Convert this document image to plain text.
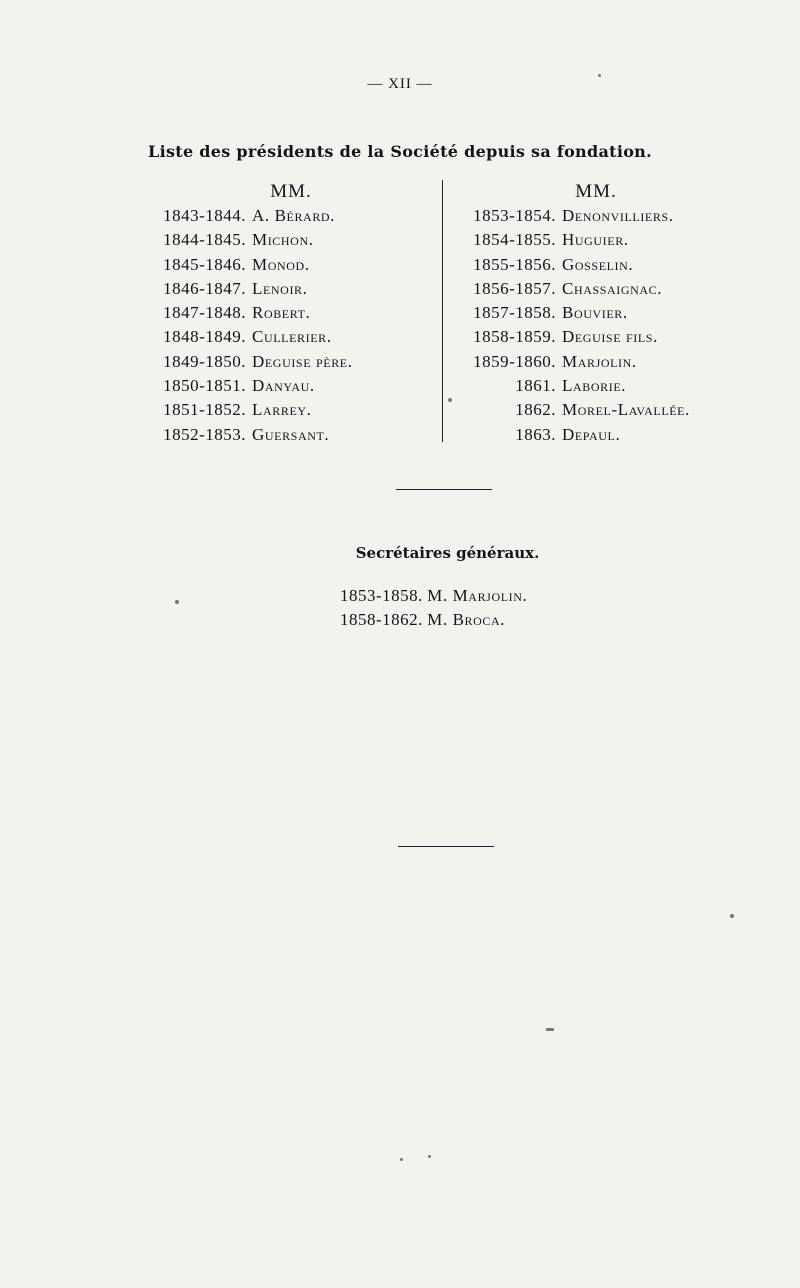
— XII —
Liste des présidents de la Société depuis sa fondation.
MM.
1843-1844. A. Bérard.
1844-1845. Michon.
1845-1846. Monod.
1846-1847. Lenoir.
1847-1848. Robert.
1848-1849. Cullerier.
1849-1850. Deguise père.
1850-1851. Danyau.
1851-1852. Larrey.
1852-1853. Guersant.
MM.
1853-1854. Denonvilliers.
1854-1855. Huguier.
1855-1856. Gosselin.
1856-1857. Chassaignac.
1857-1858. Bouvier.
1858-1859. Deguise fils.
1859-1860. Marjolin.
1861. Laborie.
1862. Morel-Lavallée.
1863. Depaul.
Secrétaires généraux.
1853-1858. M. Marjolin.
1858-1862. M. Broca.
